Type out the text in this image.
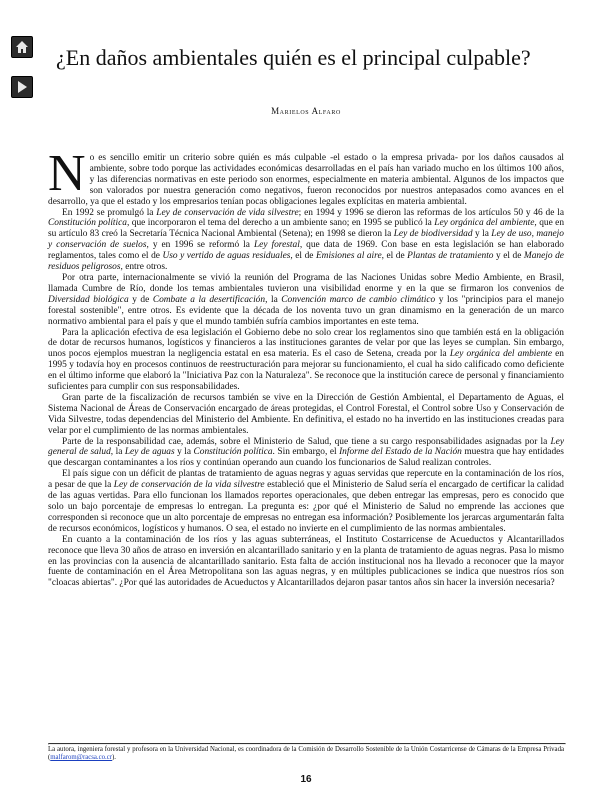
¿En daños ambientales quién es el principal culpable?

Marielos Alfaro

No es sencillo emitir un criterio sobre quién es más culpable -el estado o la empresa privada- por los daños causados al ambiente, sobre todo porque las actividades económicas desarrolladas en el país han variado mucho en los últimos 100 años, y las diferencias normativas en este periodo son enormes, especialmente en materia ambiental. Algunos de los impactos que son valorados por nuestra generación como negativos, fueron reconocidos por nuestros antepasados como avances en el desarrollo, ya que el estado y los empresarios tenían pocas obligaciones legales explícitas en materia ambiental.

En 1992 se promulgó la Ley de conservación de vida silvestre; en 1994 y 1996 se dieron las reformas de los artículos 50 y 46 de la Constitución política, que incorporaron el tema del derecho a un ambiente sano; en 1995 se publicó la Ley orgánica del ambiente, que en su artículo 83 creó la Secretaría Técnica Nacional Ambiental (Setena); en 1998 se dieron la Ley de biodiversidad y la Ley de uso, manejo y conservación de suelos, y en 1996 se reformó la Ley forestal, que data de 1969. Con base en esta legislación se han elaborado reglamentos, tales como el de Uso y vertido de aguas residuales, el de Emisiones al aire, el de Plantas de tratamiento y el de Manejo de residuos peligrosos, entre otros.

Por otra parte, internacionalmente se vivió la reunión del Programa de las Naciones Unidas sobre Medio Ambiente, en Brasil, llamada Cumbre de Río, donde los temas ambientales tuvieron una visibilidad enorme y en la que se firmaron los convenios de Diversidad biológica y de Combate a la desertificación, la Convención marco de cambio climático y los "principios para el manejo forestal sostenible", entre otros. Es evidente que la década de los noventa tuvo un gran dinamismo en la generación de un marco normativo ambiental para el país y que el mundo también sufría cambios importantes en este tema.

Para la aplicación efectiva de esa legislación el Gobierno debe no solo crear los reglamentos sino que también está en la obligación de dotar de recursos humanos, logísticos y financieros a las instituciones garantes de velar por que las leyes se cumplan. Sin embargo, unos pocos ejemplos muestran la negligencia estatal en esa materia. Es el caso de Setena, creada por la Ley orgánica del ambiente en 1995 y todavía hoy en procesos continuos de reestructuración para mejorar su funcionamiento, el cual ha sido calificado como deficiente en el último informe que elaboró la "Iniciativa Paz con la Naturaleza". Se reconoce que la institución carece de personal y financiamiento suficientes para cumplir con sus responsabilidades.

Gran parte de la fiscalización de recursos también se vive en la Dirección de Gestión Ambiental, el Departamento de Aguas, el Sistema Nacional de Áreas de Conservación encargado de áreas protegidas, el Control Forestal, el Control sobre Uso y Conservación de Vida Silvestre, todas dependencias del Ministerio del Ambiente. En definitiva, el estado no ha invertido en las instituciones creadas para velar por el cumplimiento de las normas ambientales.

Parte de la responsabilidad cae, además, sobre el Ministerio de Salud, que tiene a su cargo responsabilidades asignadas por la Ley general de salud, la Ley de aguas y la Constitución política. Sin embargo, el Informe del Estado de la Nación muestra que hay entidades que descargan contaminantes a los ríos y continúan operando aun cuando los funcionarios de Salud realizan controles.

El país sigue con un déficit de plantas de tratamiento de aguas negras y aguas servidas que repercute en la contaminación de los ríos, a pesar de que la Ley de conservación de la vida silvestre estableció que el Ministerio de Salud sería el encargado de certificar la calidad de las aguas vertidas. Para ello funcionan los llamados reportes operacionales, que deben entregar las empresas, pero es conocido que solo un bajo porcentaje de empresas lo entregan. La pregunta es: ¿por qué el Ministerio de Salud no emprende las acciones que corresponden si reconoce que un alto porcentaje de empresas no entregan esa información? Posiblemente los jerarcas argumentarán falta de recursos económicos, logísticos y humanos. O sea, el estado no invierte en el cumplimiento de las normas ambientales.

En cuanto a la contaminación de los ríos y las aguas subterráneas, el Instituto Costarricense de Acueductos y Alcantarillados reconoce que lleva 30 años de atraso en inversión en alcantarillado sanitario y en la planta de tratamiento de aguas negras. Pasa lo mismo en las provincias con la ausencia de alcantarillado sanitario. Esta falta de acción institucional nos ha llevado a reconocer que la mayor fuente de contaminación en el Área Metropolitana son las aguas negras, y en múltiples publicaciones se indica que nuestros ríos son "cloacas abiertas". ¿Por qué las autoridades de Acueductos y Alcantarillados dejaron pasar tantos años sin hacer la inversión necesaria?

La autora, ingeniera forestal y profesora en la Universidad Nacional, es coordinadora de la Comisión de Desarrollo Sostenible de la Unión Costarricense de Cámaras de la Empresa Privada (malfarom@racsa.co.cr).

16
